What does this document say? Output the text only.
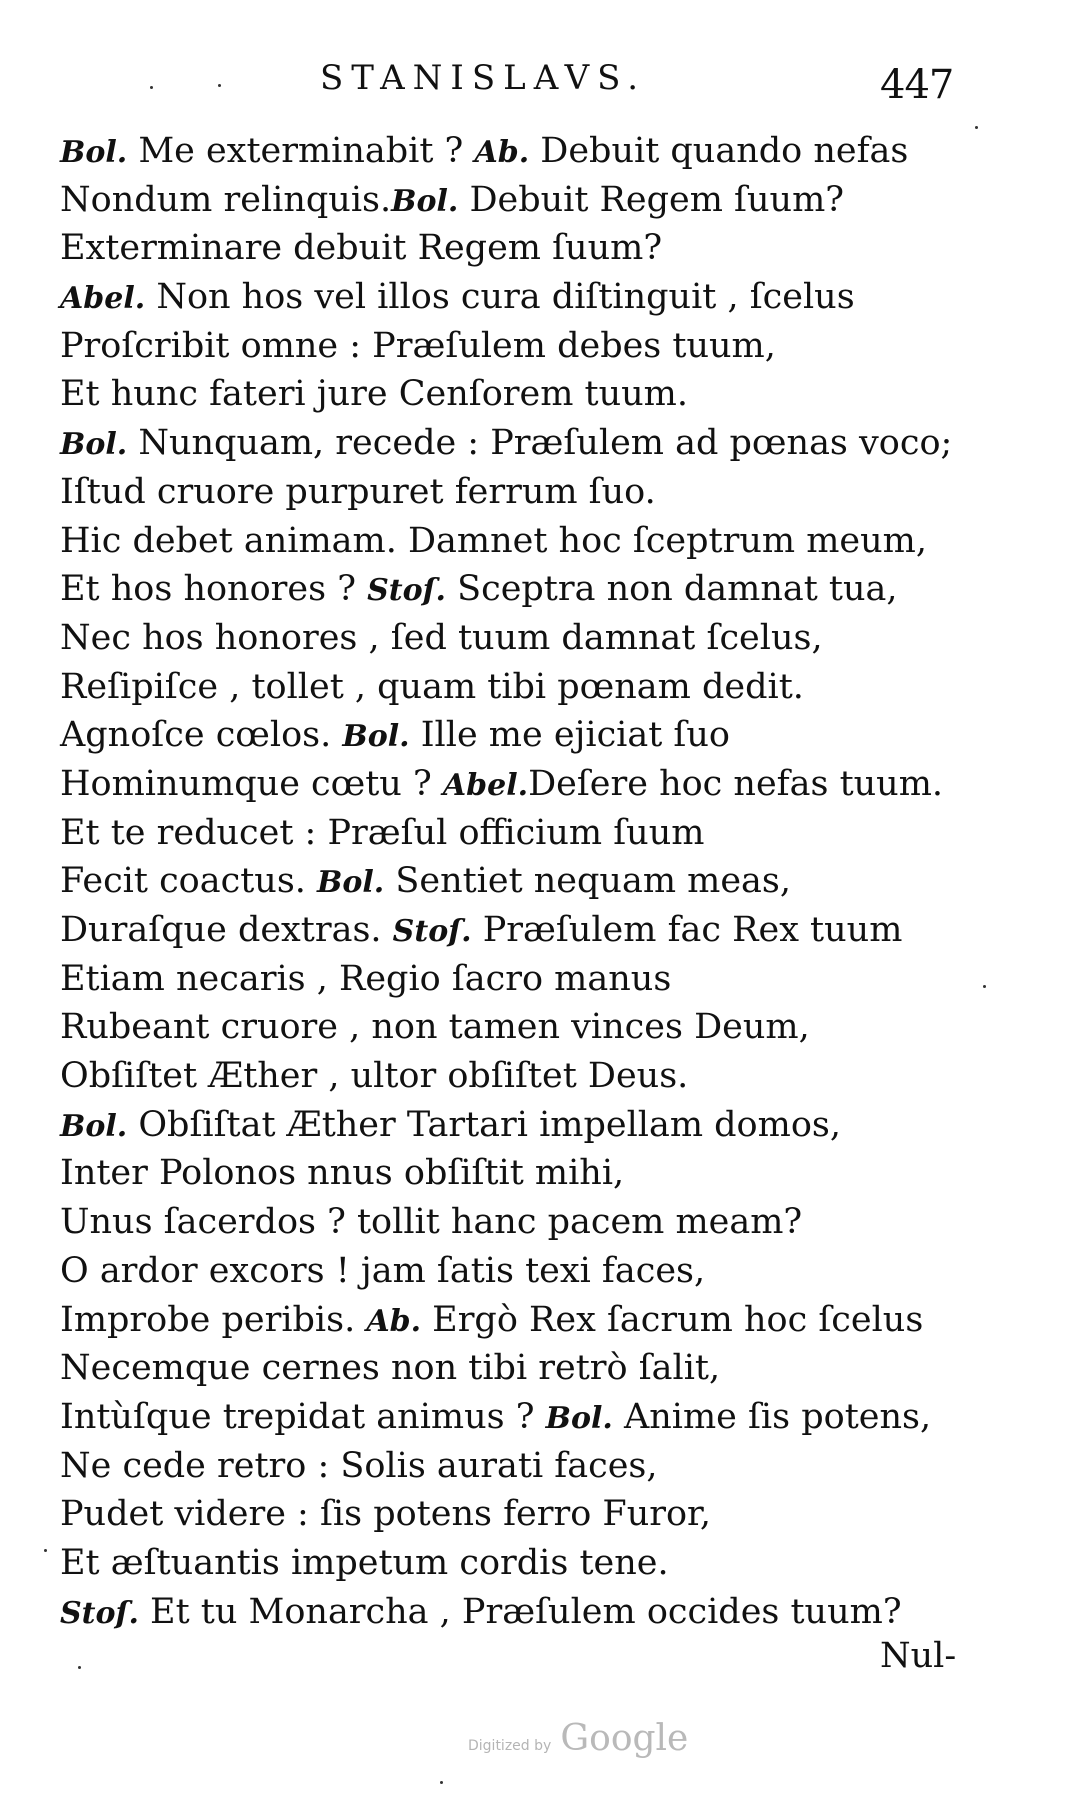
STANISLAVS.	447
Bol. Me exterminabit ? Ab. Debuit quando nefas
Nondum relinquis.Bol. Debuit Regem ſuum?
Exterminare debuit Regem ſuum?
Abel. Non hos vel illos cura diſtinguit , ſcelus
Proſcribit omne : Præſulem debes tuum,
Et hunc fateri jure Cenſorem tuum.
Bol. Nunquam, recede : Præſulem ad pœnas voco;
Iſtud cruore purpuret ferrum ſuo.
Hic debet animam. Damnet hoc ſceptrum meum,
Et hos honores ? Stoſ. Sceptra non damnat tua,
Nec hos honores , ſed tuum damnat ſcelus,
Reſipiſce , tollet , quam tibi pœnam dedit.
Agnoſce cœlos. Bol. Ille me ejiciat ſuo
Hominumque cœtu ? Abel.Deſere hoc nefas tuum.
Et te reducet : Præſul officium ſuum
Fecit coactus. Bol. Sentiet nequam meas,
Duraſque dextras. Stoſ. Præſulem fac Rex tuum
Etiam necaris , Regio ſacro manus
Rubeant cruore , non tamen vinces Deum,
Obſiſtet Æther , ultor obſiſtet Deus.
Bol. Obſiſtat Æther Tartari impellam domos,
Inter Polonos nnus obſiſtit mihi,
Unus ſacerdos ? tollit hanc pacem meam?
O ardor excors ! jam ſatis texi faces,
Improbe peribis. Ab. Ergò Rex ſacrum hoc ſcelus
Necemque cernes non tibi retrò ſalit,
Intùſque trepidat animus ? Bol. Anime ſis potens,
Ne cede retro : Solis aurati faces,
Pudet videre : ſis potens ferro Furor,
Et æſtuantis impetum cordis tene.
Stoſ. Et tu Monarcha , Præſulem occides tuum?
Nul-
Digitized by Google
